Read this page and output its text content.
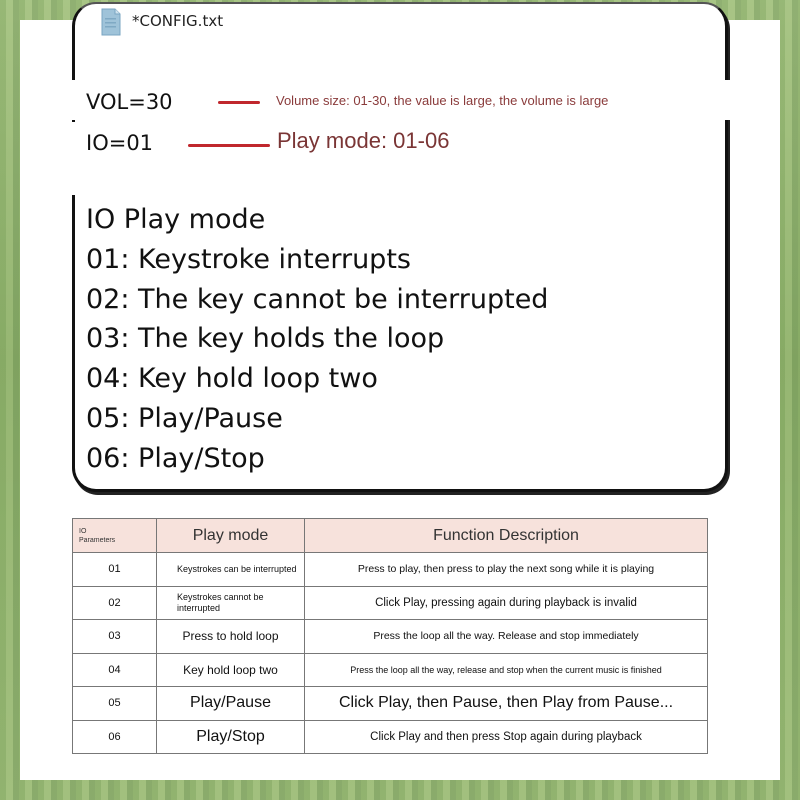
*CONFIG.txt
VOL=30	Volume size: 01-30, the value is large, the volume is large
IO=01	Play mode: 01-06
IO Play mode
01: Keystroke interrupts
02: The key cannot be interrupted
03: The key holds the loop
04: Key hold loop two
05: Play/Pause
06: Play/Stop
IO
Parameters	Play mode	Function Description
01	Keystrokes can be interrupted	Press to play, then press to play the next song while it is playing
02	Keystrokes cannot be interrupted	Click Play, pressing again during playback is invalid
03	Press to hold loop	Press the loop all the way. Release and stop immediately
04	Key hold loop two	Press the loop all the way, release and stop when the current music is finished
05	Play/Pause	Click Play, then Pause, then Play from Pause...
06	Play/Stop	Click Play and then press Stop again during playback
